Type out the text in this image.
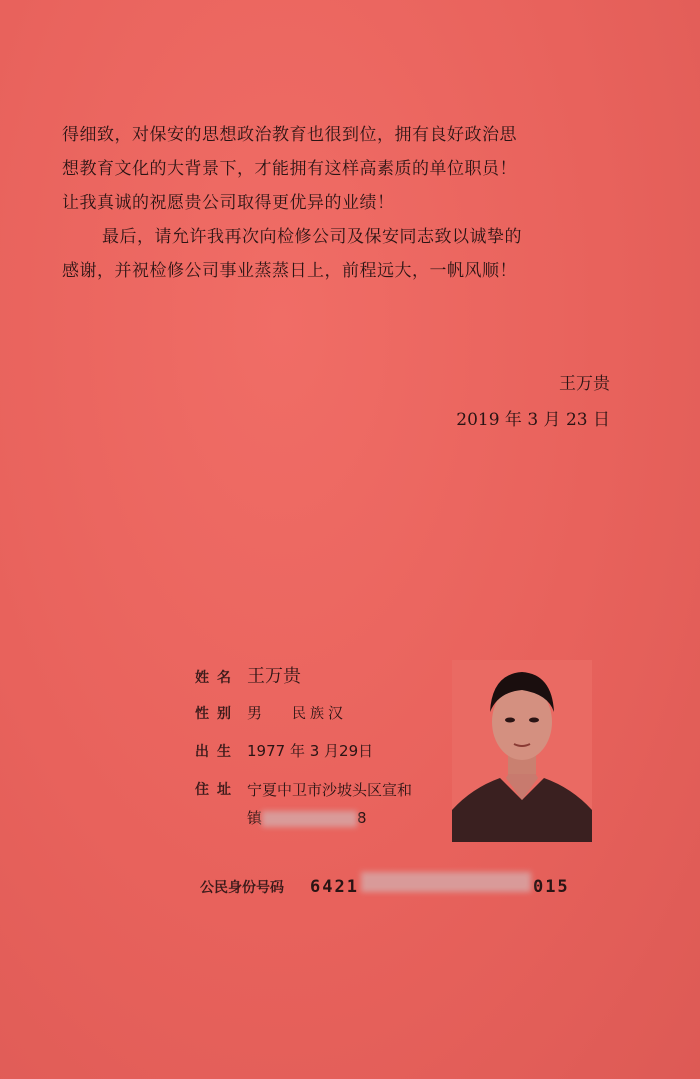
得细致，对保安的思想政治教育也很到位，拥有良好政治思

想教育文化的大背景下，才能拥有这样高素质的单位职员！

让我真诚的祝愿贵公司取得更优异的业绩！

最后，请允许我再次向检修公司及保安同志致以诚挚的

感谢，并祝检修公司事业蒸蒸日上，前程远大，一帆风顺！

王万贵
2019 年 3 月 23 日
姓名 王万贵
性别 男 民族 汉
出生 1977 年 3 月29日
住址 宁夏中卫市沙坡头区宣和
镇	8
公民身份号码 6421	015
